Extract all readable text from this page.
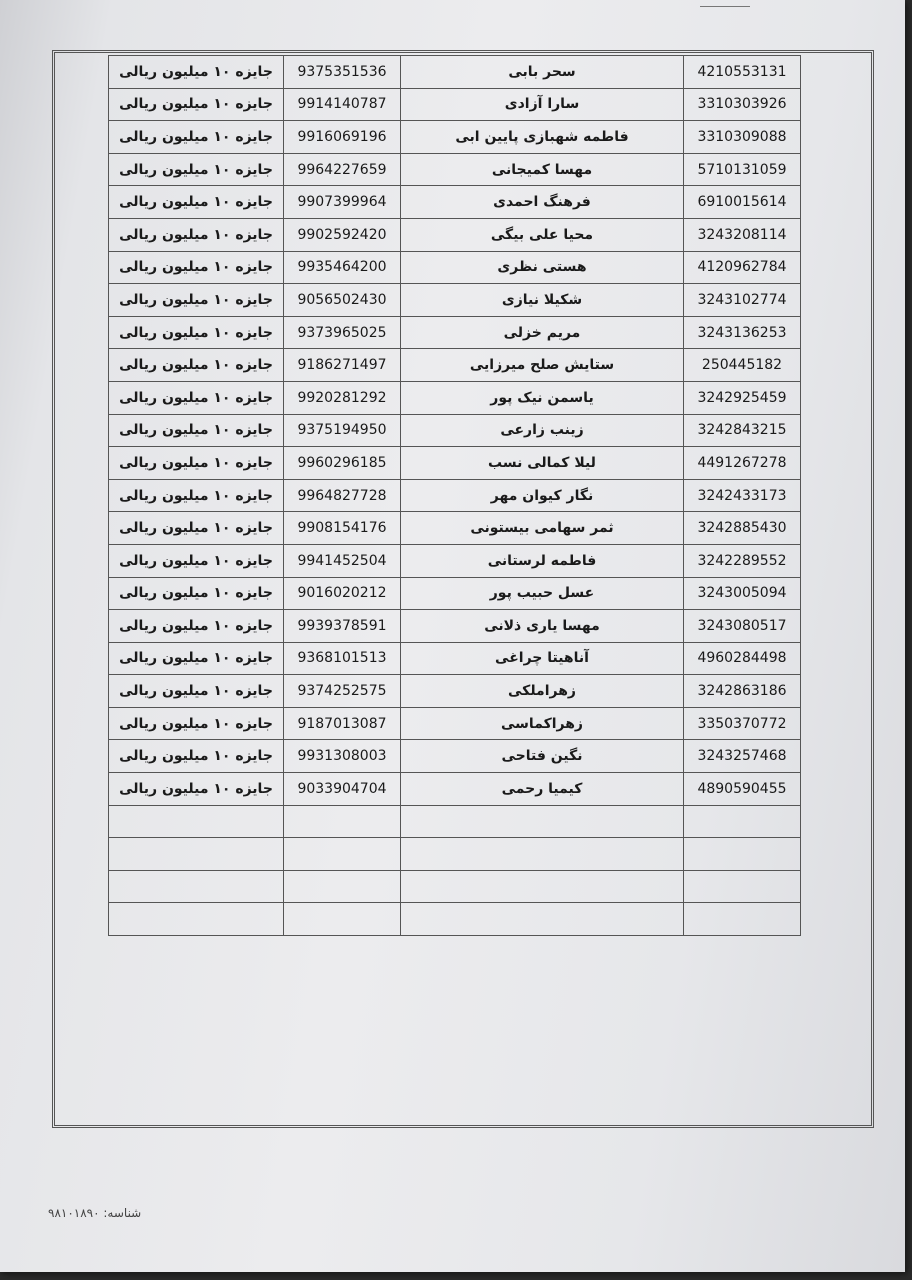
4210553131	سحر بابی	9375351536	جایزه ۱۰ میلیون ریالی
3310303926	سارا آزادی	9914140787	جایزه ۱۰ میلیون ریالی
3310309088	فاطمه شهبازی پایین ابی	9916069196	جایزه ۱۰ میلیون ریالی
5710131059	مهسا کمیجانی	9964227659	جایزه ۱۰ میلیون ریالی
6910015614	فرهنگ احمدی	9907399964	جایزه ۱۰ میلیون ریالی
3243208114	محیا علی بیگی	9902592420	جایزه ۱۰ میلیون ریالی
4120962784	هستی نظری	9935464200	جایزه ۱۰ میلیون ریالی
3243102774	شکیلا نیازی	9056502430	جایزه ۱۰ میلیون ریالی
3243136253	مریم خزلی	9373965025	جایزه ۱۰ میلیون ریالی
250445182	ستایش صلح میرزایی	9186271497	جایزه ۱۰ میلیون ریالی
3242925459	یاسمن نیک پور	9920281292	جایزه ۱۰ میلیون ریالی
3242843215	زینب زارعی	9375194950	جایزه ۱۰ میلیون ریالی
4491267278	لیلا کمالی نسب	9960296185	جایزه ۱۰ میلیون ریالی
3242433173	نگار کیوان مهر	9964827728	جایزه ۱۰ میلیون ریالی
3242885430	ثمر سهامی بیستونی	9908154176	جایزه ۱۰ میلیون ریالی
3242289552	فاطمه لرستانی	9941452504	جایزه ۱۰ میلیون ریالی
3243005094	عسل حبیب پور	9016020212	جایزه ۱۰ میلیون ریالی
3243080517	مهسا یاری ذلانی	9939378591	جایزه ۱۰ میلیون ریالی
4960284498	آناهیتا چراغی	9368101513	جایزه ۱۰ میلیون ریالی
3242863186	زهراملکی	9374252575	جایزه ۱۰ میلیون ریالی
3350370772	زهراکماسی	9187013087	جایزه ۱۰ میلیون ریالی
3243257468	نگین فتاحی	9931308003	جایزه ۱۰ میلیون ریالی
4890590455	کیمیا رحمی	9033904704	جایزه ۱۰ میلیون ریالی

شناسه: ۹۸۱۰۱۸۹۰
